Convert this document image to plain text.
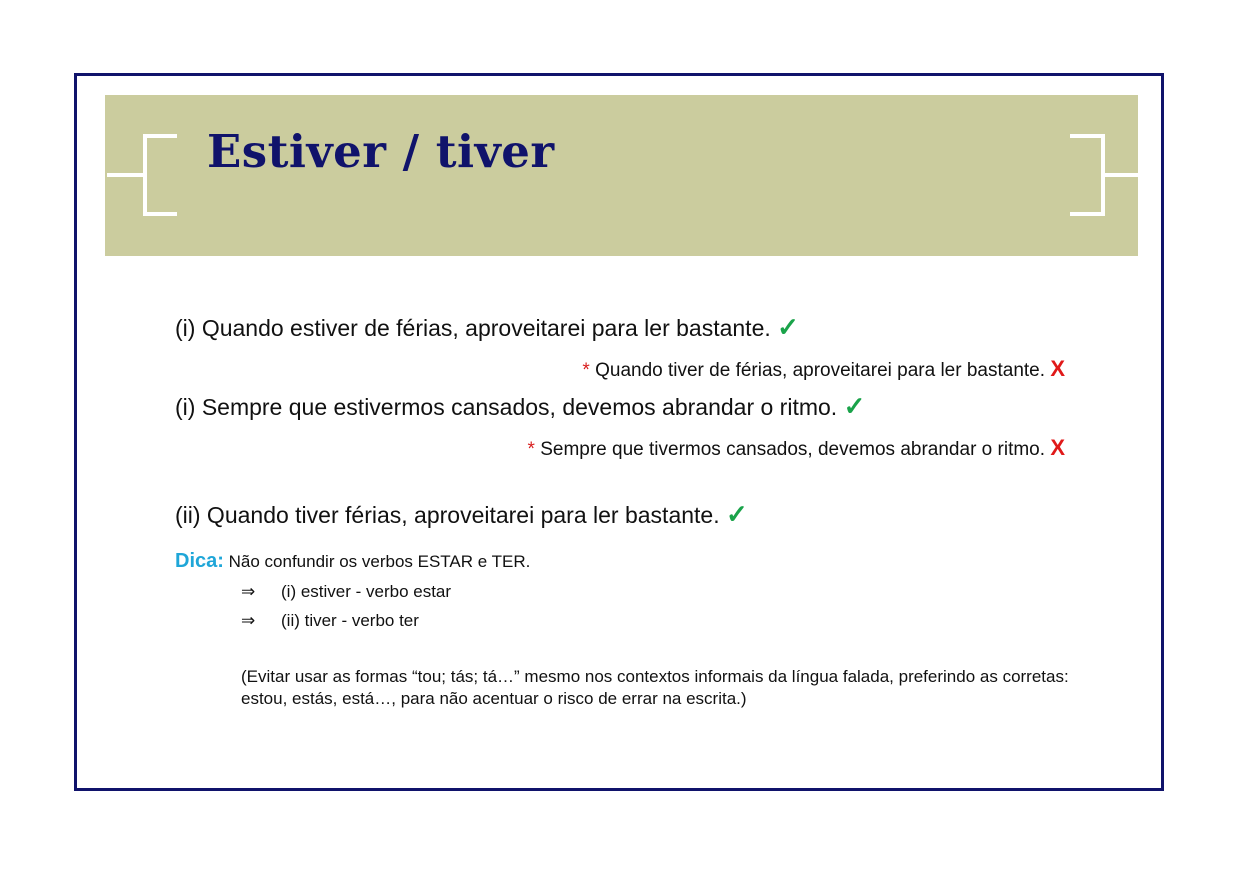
Estiver / tiver
(i) Quando estiver de férias, aproveitarei para ler bastante. ✓
* Quando tiver de férias, aproveitarei para ler bastante. X
(i) Sempre que estivermos cansados, devemos abrandar o ritmo. ✓
* Sempre que tivermos cansados, devemos abrandar o ritmo. X
(ii) Quando tiver férias, aproveitarei para ler bastante. ✓
Dica: Não confundir os verbos ESTAR e TER.
⇒ (i) estiver - verbo estar
⇒ (ii) tiver - verbo ter
(Evitar usar as formas “tou; tás; tá…” mesmo nos contextos informais da língua falada, preferindo as corretas: estou, estás, está…, para não acentuar o risco de errar na escrita.)
